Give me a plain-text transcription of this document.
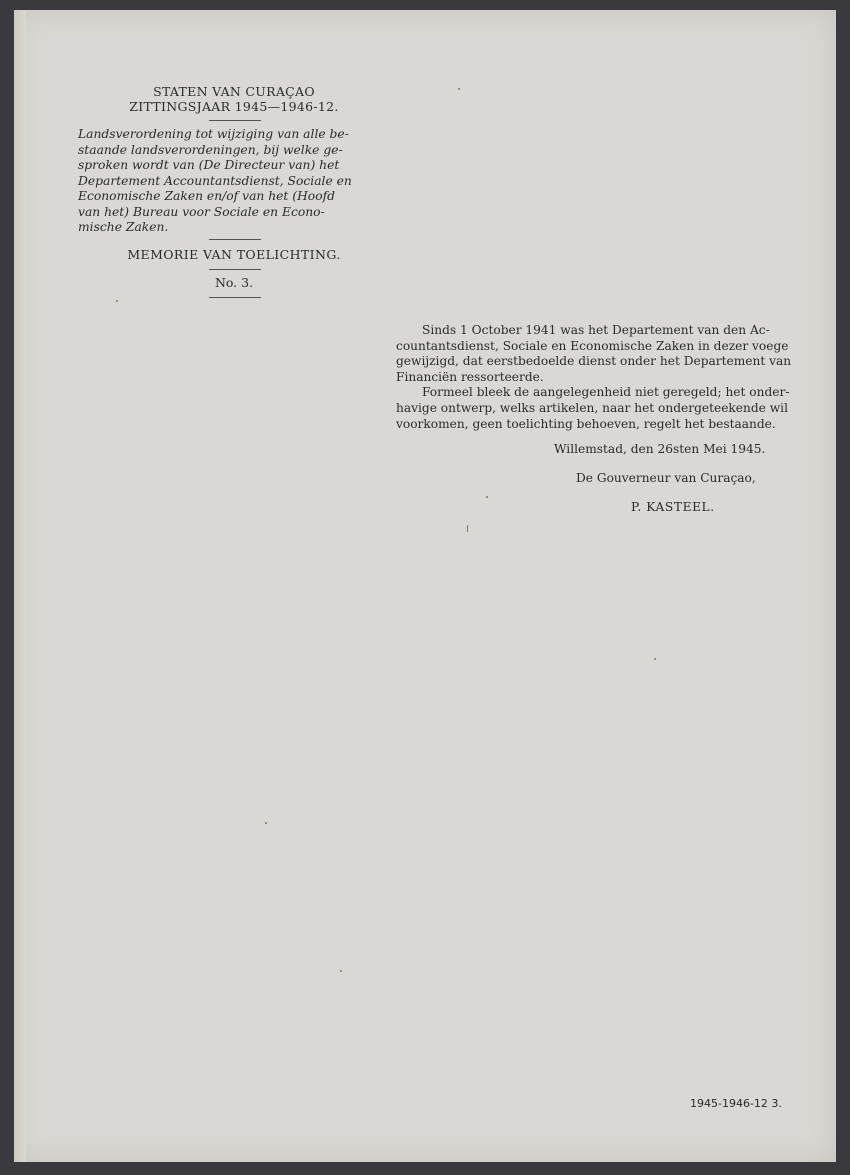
STATEN VAN CURAÇAO
ZITTINGSJAAR 1945—1946-12.
Landsverordening tot wijziging van alle be-
staande landsverordeningen, bij welke ge-
sproken wordt van (De Directeur van) het
Departement Accountantsdienst, Sociale en
Economische Zaken en/of van het (Hoofd
van het) Bureau voor Sociale en Econo-
mische Zaken.
MEMORIE VAN TOELICHTING.
No. 3.
Sinds 1 October 1941 was het Departement van den Ac-
countantsdienst, Sociale en Economische Zaken in dezer voege
gewijzigd, dat eerstbedoelde dienst onder het Departement van
Financiën ressorteerde.
Formeel bleek de aangelegenheid niet geregeld; het onder-
havige ontwerp, welks artikelen, naar het ondergeteekende wil
voorkomen, geen toelichting behoeven, regelt het bestaande.
Willemstad, den 26sten Mei 1945.
De Gouverneur van Curaçao,
P. KASTEEL.
1945-1946-12 3.
